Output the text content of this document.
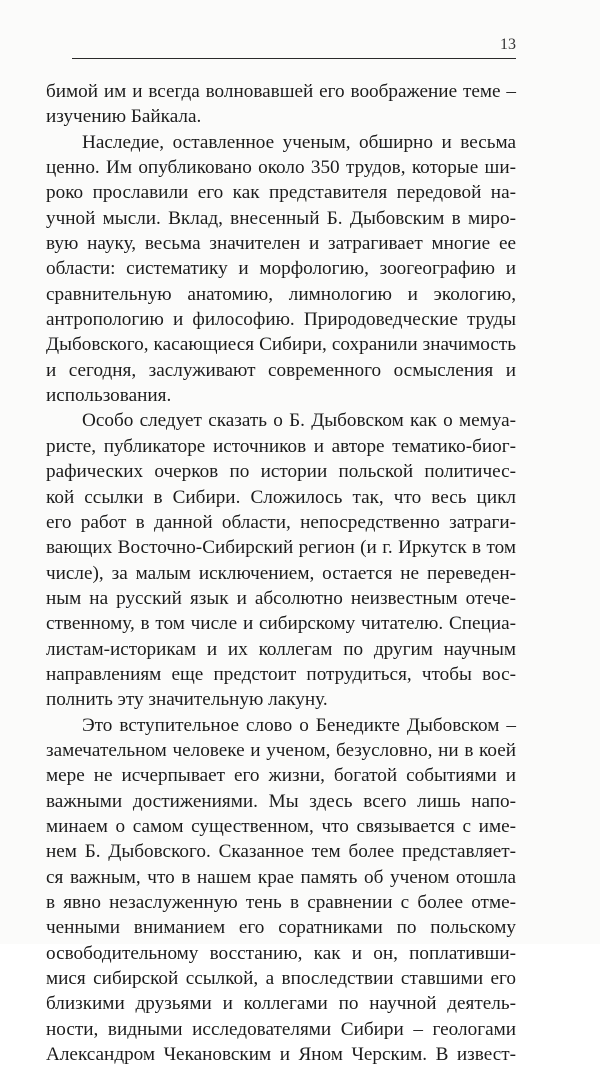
13
бимой им и всегда волновавшей его воображение теме –
изучению Байкала.
Наследие, оставленное ученым, обширно и весьма
ценно. Им опубликовано около 350 трудов, которые ши-
роко прославили его как представителя передовой на-
учной мысли. Вклад, внесенный Б. Дыбовским в миро-
вую науку, весьма значителен и затрагивает многие ее
области: систематику и морфологию, зоогеографию и
сравнительную анатомию, лимнологию и экологию,
антропологию и философию. Природоведческие труды
Дыбовского, касающиеся Сибири, сохранили значимость
и сегодня, заслуживают современного осмысления и
использования.
Особо следует сказать о Б. Дыбовском как о мемуа-
ристе, публикаторе источников и авторе тематико-биог-
рафических очерков по истории польской политичес-
кой ссылки в Сибири. Сложилось так, что весь цикл
его работ в данной области, непосредственно затраги-
вающих Восточно-Сибирский регион (и г. Иркутск в том
числе), за малым исключением, остается не переведен-
ным на русский язык и абсолютно неизвестным отече-
ственному, в том числе и сибирскому читателю. Специа-
листам-историкам и их коллегам по другим научным
направлениям еще предстоит потрудиться, чтобы вос-
полнить эту значительную лакуну.
Это вступительное слово о Бенедикте Дыбовском –
замечательном человеке и ученом, безусловно, ни в коей
мере не исчерпывает его жизни, богатой событиями и
важными достижениями. Мы здесь всего лишь напо-
минаем о самом существенном, что связывается с име-
нем Б. Дыбовского. Сказанное тем более представляет-
ся важным, что в нашем крае память об ученом отошла
в явно незаслуженную тень в сравнении с более отме-
ченными вниманием его соратниками по польскому
освободительному восстанию, как и он, поплативши-
мися сибирской ссылкой, а впоследствии ставшими его
близкими друзьями и коллегами по научной деятель-
ности, видными исследователями Сибири – геологами
Александром Чекановским и Яном Черским. В извест-
